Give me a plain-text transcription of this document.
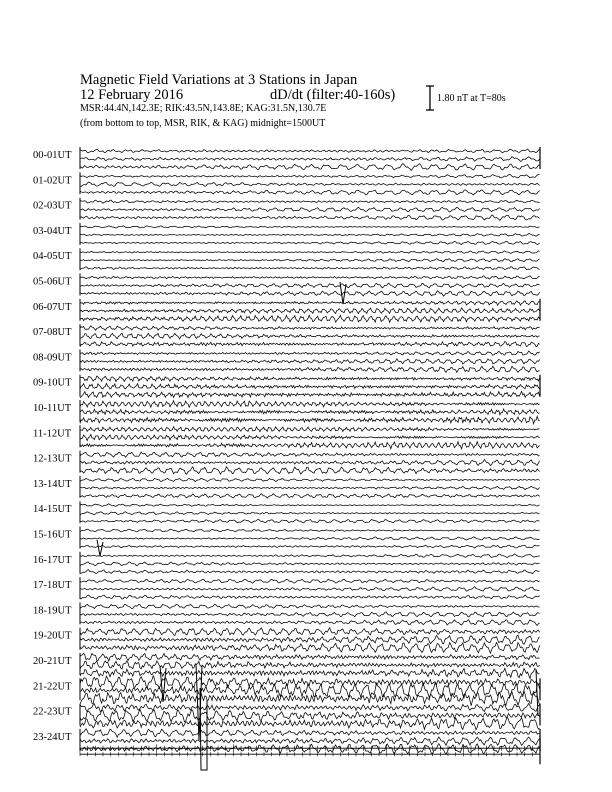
Magnetic Field Variations at 3 Stations in Japan
12 February 2016	dD/dt (filter:40-160s)
MSR:44.4N,142.3E; RIK:43.5N,143.8E; KAG:31.5N,130.7E
(from bottom to top, MSR, RIK, & KAG) midnight=1500UT
1.80 nT at T=80s
00-01UT
01-02UT
02-03UT
03-04UT
04-05UT
05-06UT
06-07UT
07-08UT
08-09UT
09-10UT
10-11UT
11-12UT
12-13UT
13-14UT
14-15UT
15-16UT
16-17UT
17-18UT
18-19UT
19-20UT
20-21UT
21-22UT
22-23UT
23-24UT
